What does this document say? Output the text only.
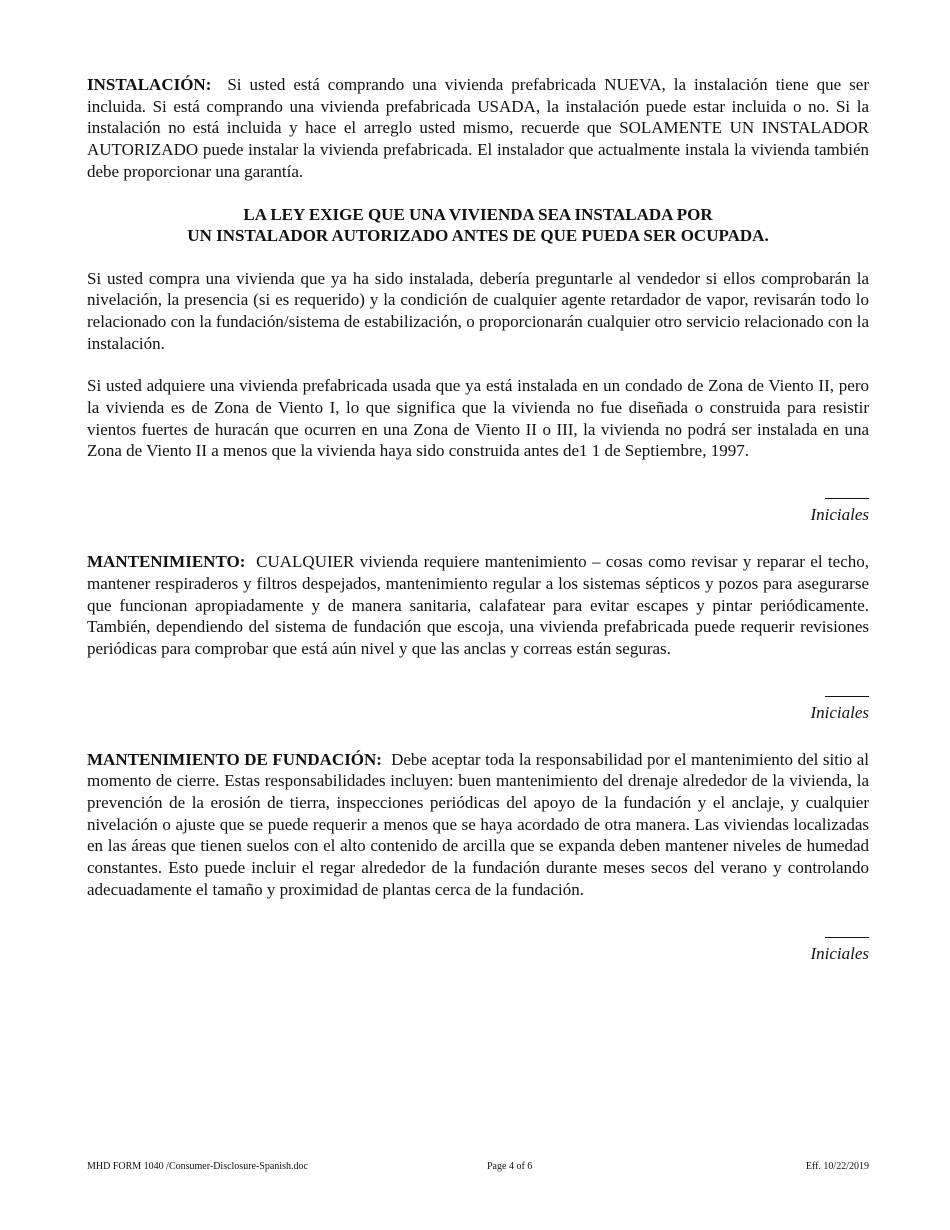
INSTALACIÓN: Si usted está comprando una vivienda prefabricada NUEVA, la instalación tiene que ser incluida. Si está comprando una vivienda prefabricada USADA, la instalación puede estar incluida o no. Si la instalación no está incluida y hace el arreglo usted mismo, recuerde que SOLAMENTE UN INSTALADOR AUTORIZADO puede instalar la vivienda prefabricada. El instalador que actualmente instala la vivienda también debe proporcionar una garantía.

LA LEY EXIGE QUE UNA VIVIENDA SEA INSTALADA POR
UN INSTALADOR AUTORIZADO ANTES DE QUE PUEDA SER OCUPADA.

Si usted compra una vivienda que ya ha sido instalada, debería preguntarle al vendedor si ellos comprobarán la nivelación, la presencia (si es requerido) y la condición de cualquier agente retardador de vapor, revisarán todo lo relacionado con la fundación/sistema de estabilización, o proporcionarán cualquier otro servicio relacionado con la instalación.

Si usted adquiere una vivienda prefabricada usada que ya está instalada en un condado de Zona de Viento II, pero la vivienda es de Zona de Viento I, lo que significa que la vivienda no fue diseñada o construida para resistir vientos fuertes de huracán que ocurren en una Zona de Viento II o III, la vivienda no podrá ser instalada en una Zona de Viento II a menos que la vivienda haya sido construida antes de1 1 de Septiembre, 1997.

Iniciales

MANTENIMIENTO: CUALQUIER vivienda requiere mantenimiento – cosas como revisar y reparar el techo, mantener respiraderos y filtros despejados, mantenimiento regular a los sistemas sépticos y pozos para asegurarse que funcionan apropiadamente y de manera sanitaria, calafatear para evitar escapes y pintar periódicamente. También, dependiendo del sistema de fundación que escoja, una vivienda prefabricada puede requerir revisiones periódicas para comprobar que está aún nivel y que las anclas y correas están seguras.

Iniciales

MANTENIMIENTO DE FUNDACIÓN: Debe aceptar toda la responsabilidad por el mantenimiento del sitio al momento de cierre. Estas responsabilidades incluyen: buen mantenimiento del drenaje alrededor de la vivienda, la prevención de la erosión de tierra, inspecciones periódicas del apoyo de la fundación y el anclaje, y cualquier nivelación o ajuste que se puede requerir a menos que se haya acordado de otra manera. Las viviendas localizadas en las áreas que tienen suelos con el alto contenido de arcilla que se expanda deben mantener niveles de humedad constantes. Esto puede incluir el regar alrededor de la fundación durante meses secos del verano y controlando adecuadamente el tamaño y proximidad de plantas cerca de la fundación.

Iniciales
MHD FORM 1040 /Consumer-Disclosure-Spanish.doc	Page 4 of 6	Eff. 10/22/2019
